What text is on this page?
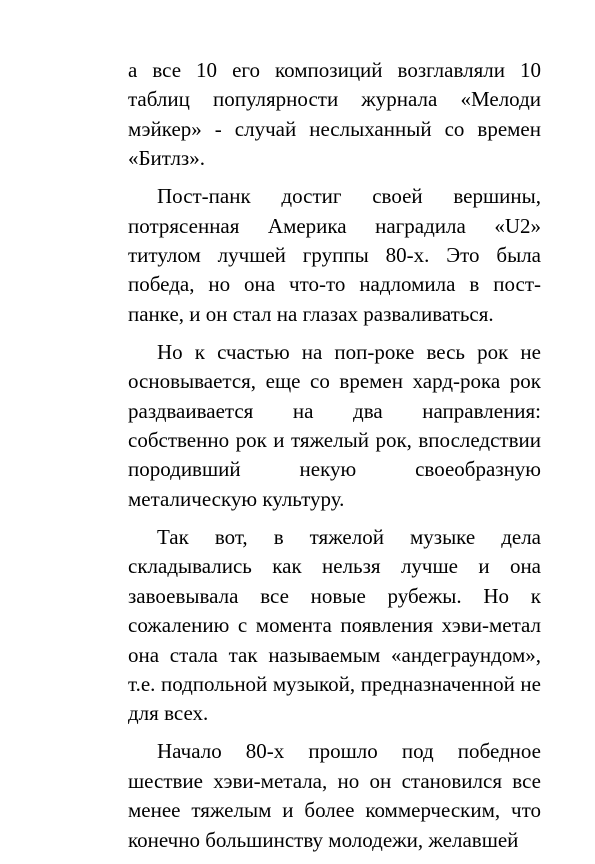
а все 10 его композиций возглавляли 10 таблиц популярности журнала «Мелоди мэйкер» - случай неслыханный со времен «Битлз».

Пост-панк достиг своей вершины, потрясенная Америка наградила «U2» титулом лучшей группы 80-х. Это была победа, но она что-то надломила в пост-панке, и он стал на глазах разваливаться.

Но к счастью на поп-роке весь рок не основывается, еще со времен хард-рока рок раздваивается на два направления: собственно рок и тяжелый рок, впоследствии породивший некую своеобразную металическую культуру.

Так вот, в тяжелой музыке дела складывались как нельзя лучше и она завоевывала все новые рубежы. Но к сожалению с момента появления хэви-метал она стала так называемым «андеграундом», т.е. подпольной музыкой, предназначенной не для всех.

Начало 80-х прошло под победное шествие хэви-метала, но он становился все менее тяжелым и более коммерческим, что конечно большинству молодежи, желавшей
